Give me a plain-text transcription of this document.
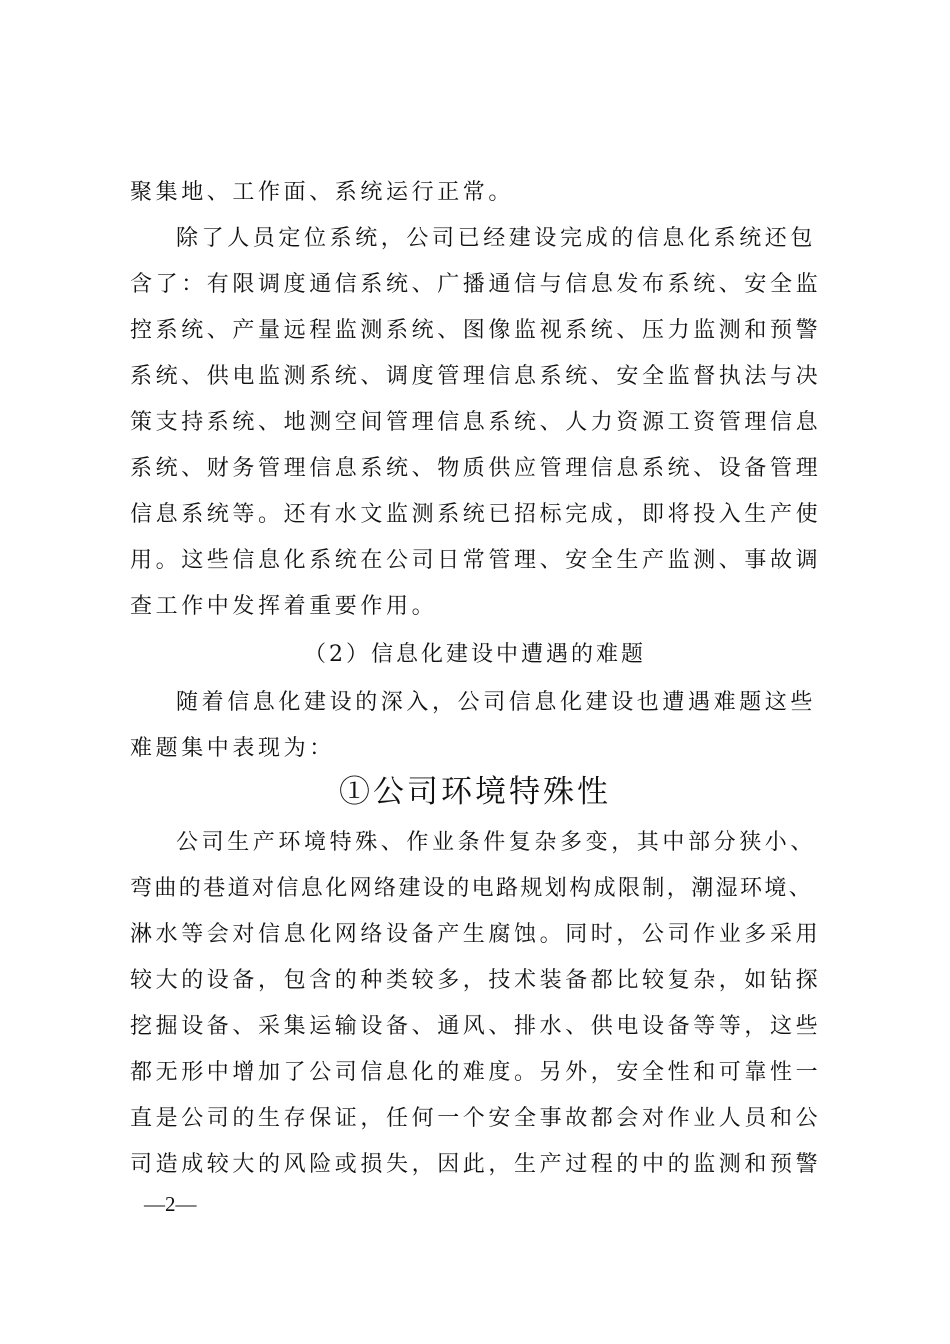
聚集地、工作面、系统运行正常。

除了人员定位系统，公司已经建设完成的信息化系统还包

含了：有限调度通信系统、广播通信与信息发布系统、安全监

控系统、产量远程监测系统、图像监视系统、压力监测和预警

系统、供电监测系统、调度管理信息系统、安全监督执法与决

策支持系统、地测空间管理信息系统、人力资源工资管理信息

系统、财务管理信息系统、物质供应管理信息系统、设备管理

信息系统等。还有水文监测系统已招标完成，即将投入生产使

用。这些信息化系统在公司日常管理、安全生产监测、事故调

查工作中发挥着重要作用。

（2）信息化建设中遭遇的难题

随着信息化建设的深入，公司信息化建设也遭遇难题这些

难题集中表现为：

①公司环境特殊性

公司生产环境特殊、作业条件复杂多变，其中部分狭小、

弯曲的巷道对信息化网络建设的电路规划构成限制，潮湿环境、

淋水等会对信息化网络设备产生腐蚀。同时，公司作业多采用

较大的设备，包含的种类较多，技术装备都比较复杂，如钻探

挖掘设备、采集运输设备、通风、排水、供电设备等等，这些

都无形中增加了公司信息化的难度。另外，安全性和可靠性一

直是公司的生存保证，任何一个安全事故都会对作业人员和公

司造成较大的风险或损失，因此，生产过程的中的监测和预警

—2—
